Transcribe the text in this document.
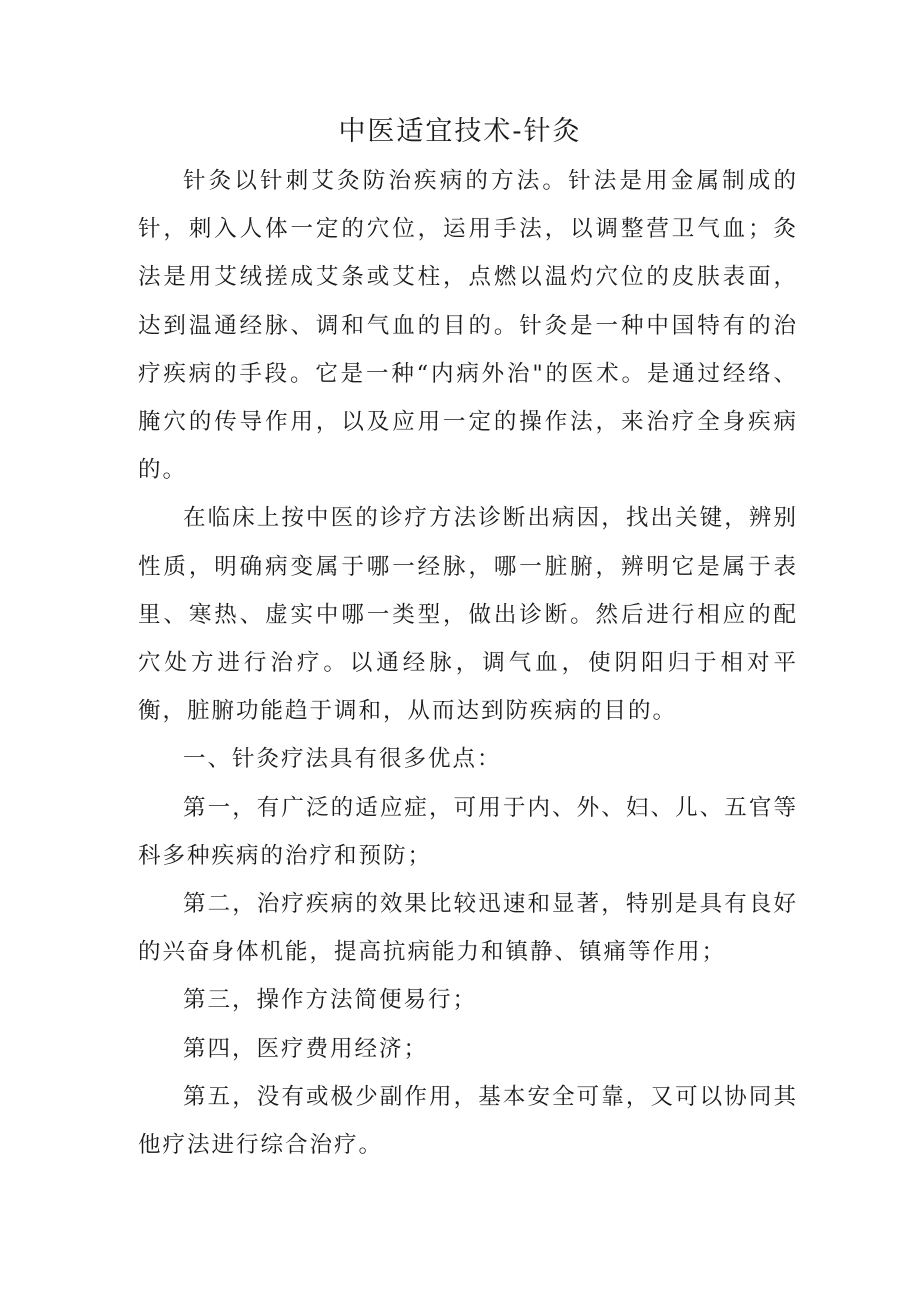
中医适宜技术-针灸

针灸以针刺艾灸防治疾病的方法。针法是用金属制成的针，刺入人体一定的穴位，运用手法，以调整营卫气血；灸法是用艾绒搓成艾条或艾柱，点燃以温灼穴位的皮肤表面，达到温通经脉、调和气血的目的。针灸是一种中国特有的治疗疾病的手段。它是一种“内病外治"的医术。是通过经络、腌穴的传导作用，以及应用一定的操作法，来治疗全身疾病的。

在临床上按中医的诊疗方法诊断出病因，找出关键，辨别性质，明确病变属于哪一经脉，哪一脏腑，辨明它是属于表里、寒热、虚实中哪一类型，做出诊断。然后进行相应的配穴处方进行治疗。以通经脉，调气血，使阴阳归于相对平衡，脏腑功能趋于调和，从而达到防疾病的目的。

一、针灸疗法具有很多优点：

第一，有广泛的适应症，可用于内、外、妇、儿、五官等科多种疾病的治疗和预防；

第二，治疗疾病的效果比较迅速和显著，特别是具有良好的兴奋身体机能，提高抗病能力和镇静、镇痛等作用；

第三，操作方法简便易行；

第四，医疗费用经济；

第五，没有或极少副作用，基本安全可靠，又可以协同其他疗法进行综合治疗。
